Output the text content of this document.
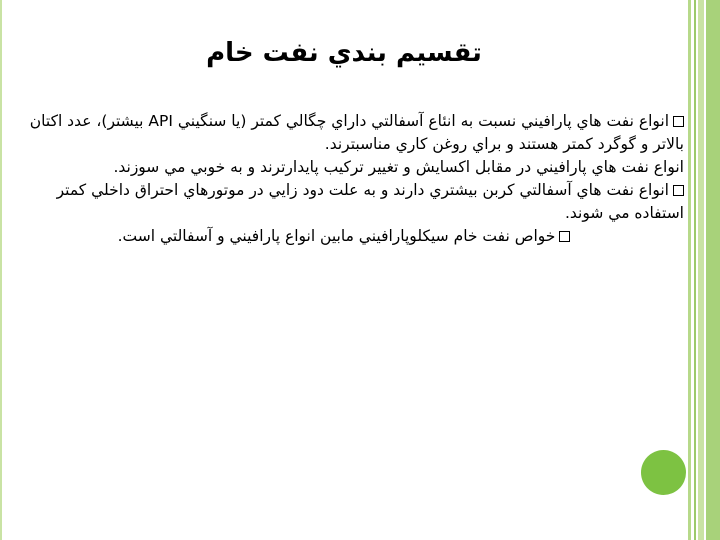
تقسيم بندي نفت خام

انواع نفت هاي پارافيني نسبت به انئاع آسفالتي داراي چگالي كمتر (يا سنگيني API بيشتر)، عدد اكتان بالاتر و گوگرد كمتر هستند و براي روغن كاري مناسبترند.

انواع نفت هاي پارافيني در مقابل اكسايش و تغيير تركيب پايدارترند و به خوبي مي سوزند.

انواع نفت هاي آسفالتي كربن بيشتري دارند و به علت دود زايي در موتورهاي احتراق داخلي كمتر استفاده مي شوند.

خواص نفت خام سيكلوپارافيني مابين انواع پارافيني و آسفالتي است.
